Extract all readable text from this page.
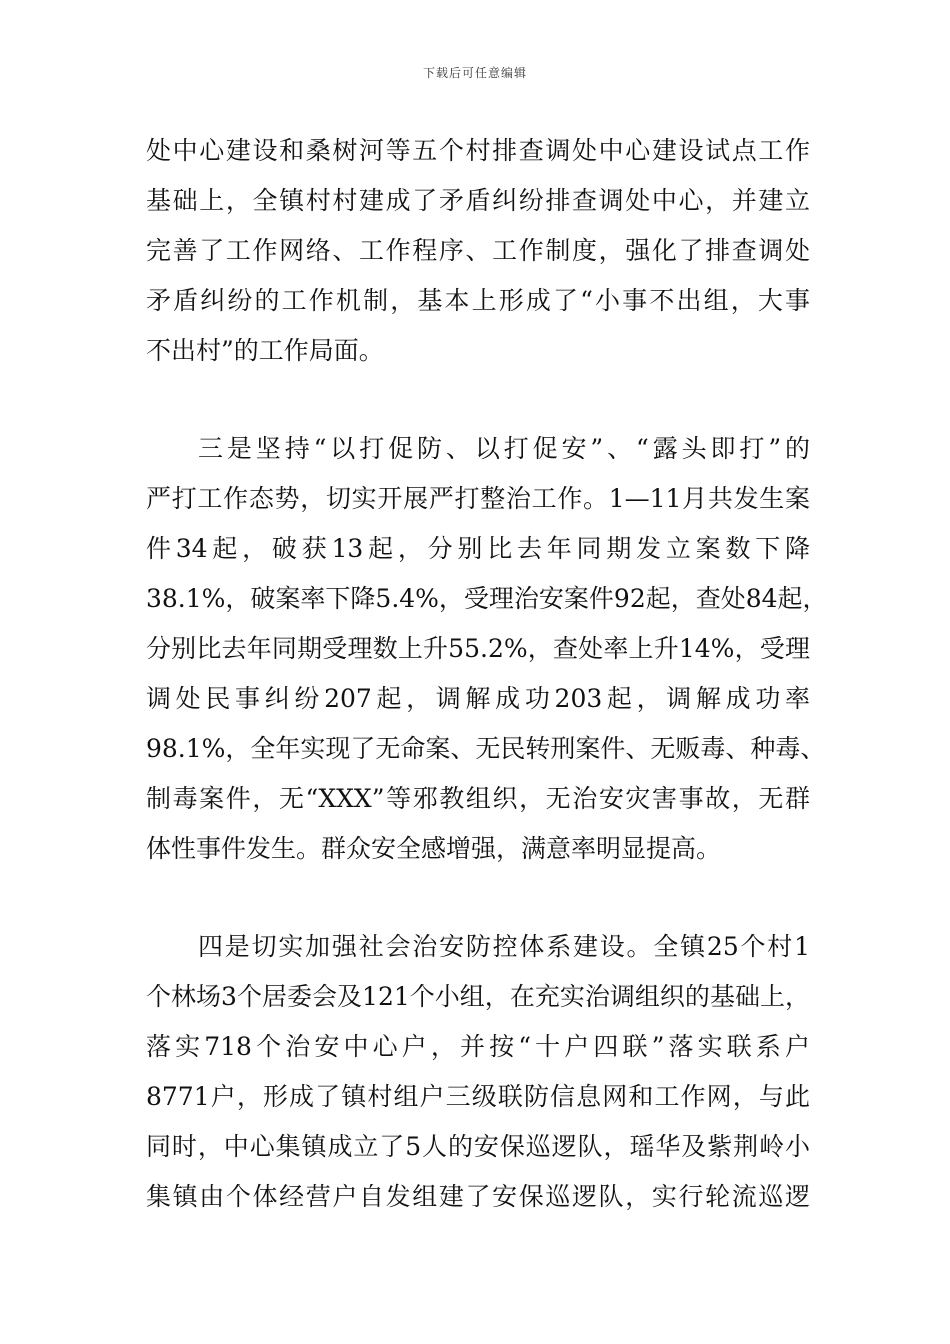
下载后可任意编辑
处中心建设和桑树河等五个村排查调处中心建设试点工作
基础上，全镇村村建成了矛盾纠纷排查调处中心，并建立
完善了工作网络、工作程序、工作制度，强化了排查调处
矛盾纠纷的工作机制，基本上形成了“小事不出组，大事
不出村”的工作局面。
三是坚持“以打促防、以打促安”、“露头即打”的
严打工作态势，切实开展严打整治工作。1—11月共发生案
件34起，破获13起，分别比去年同期发立案数下降
38.1%，破案率下降5.4%，受理治安案件92起，查处84起，
分别比去年同期受理数上升55.2%，查处率上升14%，受理
调处民事纠纷207起，调解成功203起，调解成功率
98.1%，全年实现了无命案、无民转刑案件、无贩毒、种毒、
制毒案件，无“XXX”等邪教组织，无治安灾害事故，无群
体性事件发生。群众安全感增强，满意率明显提高。
四是切实加强社会治安防控体系建设。全镇25个村1
个林场3个居委会及121个小组，在充实治调组织的基础上，
落实718个治安中心户，并按“十户四联”落实联系户
8771户，形成了镇村组户三级联防信息网和工作网，与此
同时，中心集镇成立了5人的安保巡逻队，瑶华及紫荆岭小
集镇由个体经营户自发组建了安保巡逻队，实行轮流巡逻
